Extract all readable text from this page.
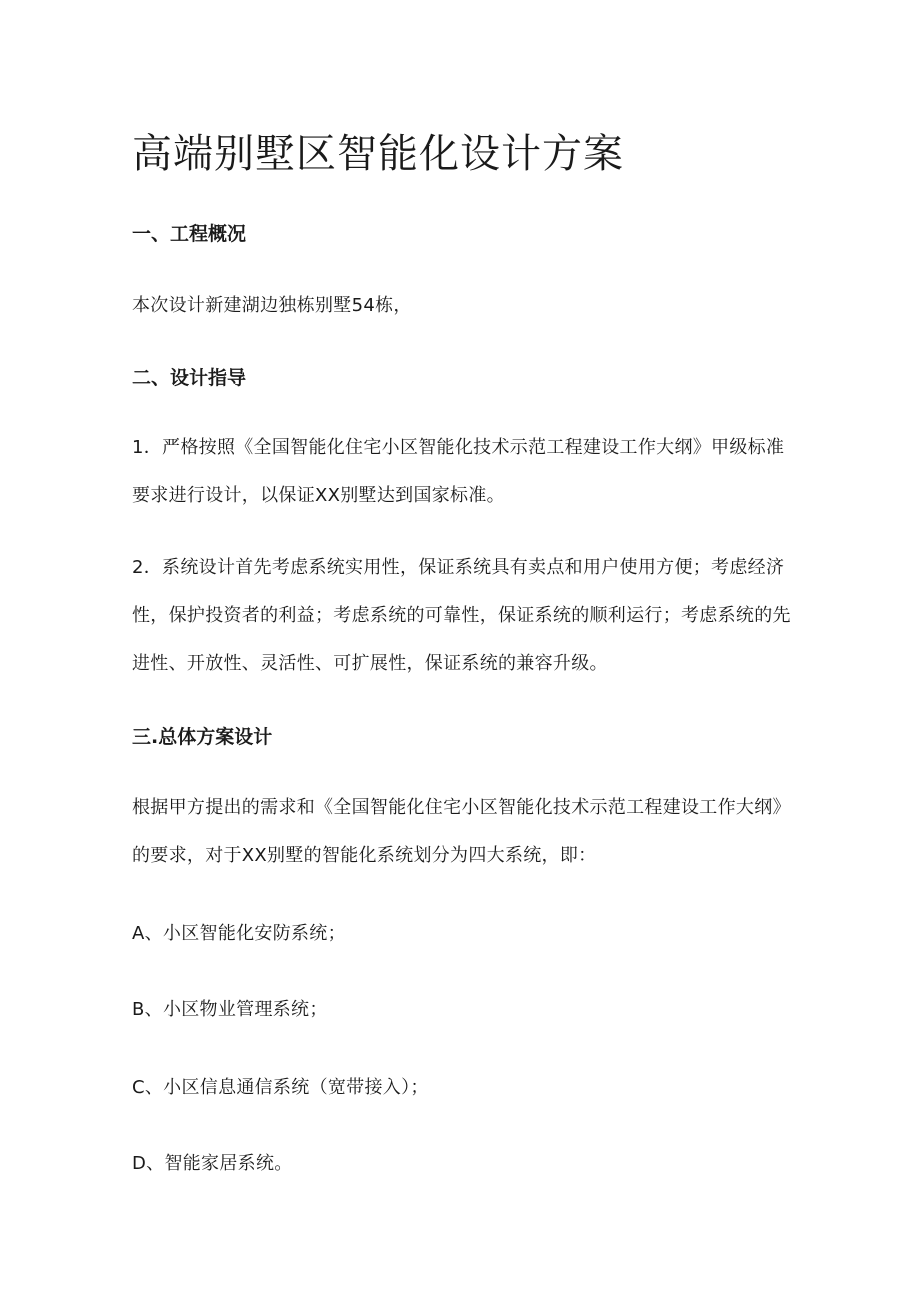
高端别墅区智能化设计方案
一、工程概况

本次设计新建湖边独栋别墅54栋，

二、设计指导

1．严格按照《全国智能化住宅小区智能化技术示范工程建设工作大纲》甲级标准要求进行设计，以保证XX别墅达到国家标准。

2．系统设计首先考虑系统实用性，保证系统具有卖点和用户使用方便；考虑经济性，保护投资者的利益；考虑系统的可靠性，保证系统的顺利运行；考虑系统的先进性、开放性、灵活性、可扩展性，保证系统的兼容升级。

三.总体方案设计

根据甲方提出的需求和《全国智能化住宅小区智能化技术示范工程建设工作大纲》的要求，对于XX别墅的智能化系统划分为四大系统，即：

A、小区智能化安防系统；

B、小区物业管理系统；

C、小区信息通信系统（宽带接入）；

D、智能家居系统。
